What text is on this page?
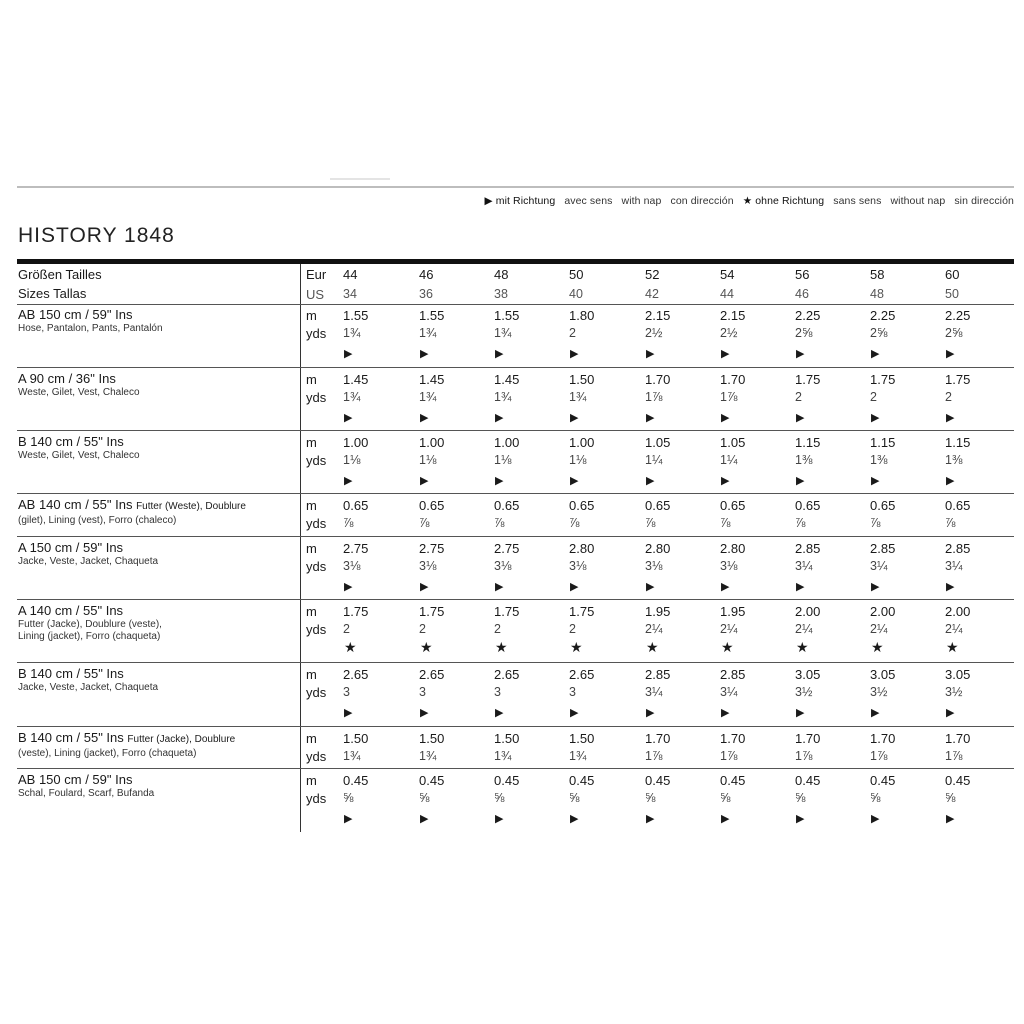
▶ mit Richtung avec sens with nap con dirección ★ ohne Richtung sans sens without nap sin dirección
HISTORY 1848
Größen Tailles
Sizes Tallas
Eur
US
44
34
46
36
48
38
50
40
52
42
54
44
56
46
58
48
60
50
AB 150 cm / 59" Ins
Hose, Pantalon, Pants, Pantalón
m
yds
1.55
1¾
▶
1.55
1¾
▶
1.55
1¾
▶
1.80
2
▶
2.15
2½
▶
2.15
2½
▶
2.25
2⅝
▶
2.25
2⅝
▶
2.25
2⅝
▶
A 90 cm / 36" Ins
Weste, Gilet, Vest, Chaleco
m
yds
1.45
1¾
▶
1.45
1¾
▶
1.45
1¾
▶
1.50
1¾
▶
1.70
1⅞
▶
1.70
1⅞
▶
1.75
2
▶
1.75
2
▶
1.75
2
▶
B 140 cm / 55" Ins
Weste, Gilet, Vest, Chaleco
m
yds
1.00
1⅛
▶
1.00
1⅛
▶
1.00
1⅛
▶
1.00
1⅛
▶
1.05
1¼
▶
1.05
1¼
▶
1.15
1⅜
▶
1.15
1⅜
▶
1.15
1⅜
▶
AB 140 cm / 55" Ins Futter (Weste), Doublure
(gilet), Lining (vest), Forro (chaleco)
m
yds
0.65
⅞
0.65
⅞
0.65
⅞
0.65
⅞
0.65
⅞
0.65
⅞
0.65
⅞
0.65
⅞
0.65
⅞
A 150 cm / 59" Ins
Jacke, Veste, Jacket, Chaqueta
m
yds
2.75
3⅛
▶
2.75
3⅛
▶
2.75
3⅛
▶
2.80
3⅛
▶
2.80
3⅛
▶
2.80
3⅛
▶
2.85
3¼
▶
2.85
3¼
▶
2.85
3¼
▶
A 140 cm / 55" Ins
Futter (Jacke), Doublure (veste), Lining (jacket), Forro (chaqueta)
m
yds
1.75
2
★
1.75
2
★
1.75
2
★
1.75
2
★
1.95
2¼
★
1.95
2¼
★
2.00
2¼
★
2.00
2¼
★
2.00
2¼
★
B 140 cm / 55" Ins
Jacke, Veste, Jacket, Chaqueta
m
yds
2.65
3
▶
2.65
3
▶
2.65
3
▶
2.65
3
▶
2.85
3¼
▶
2.85
3¼
▶
3.05
3½
▶
3.05
3½
▶
3.05
3½
▶
B 140 cm / 55" Ins Futter (Jacke), Doublure
(veste), Lining (jacket), Forro (chaqueta)
m
yds
1.50
1¾
1.50
1¾
1.50
1¾
1.50
1¾
1.70
1⅞
1.70
1⅞
1.70
1⅞
1.70
1⅞
1.70
1⅞
AB 150 cm / 59" Ins
Schal, Foulard, Scarf, Bufanda
m
yds
0.45
⅝
▶
0.45
⅝
▶
0.45
⅝
▶
0.45
⅝
▶
0.45
⅝
▶
0.45
⅝
▶
0.45
⅝
▶
0.45
⅝
▶
0.45
⅝
▶
